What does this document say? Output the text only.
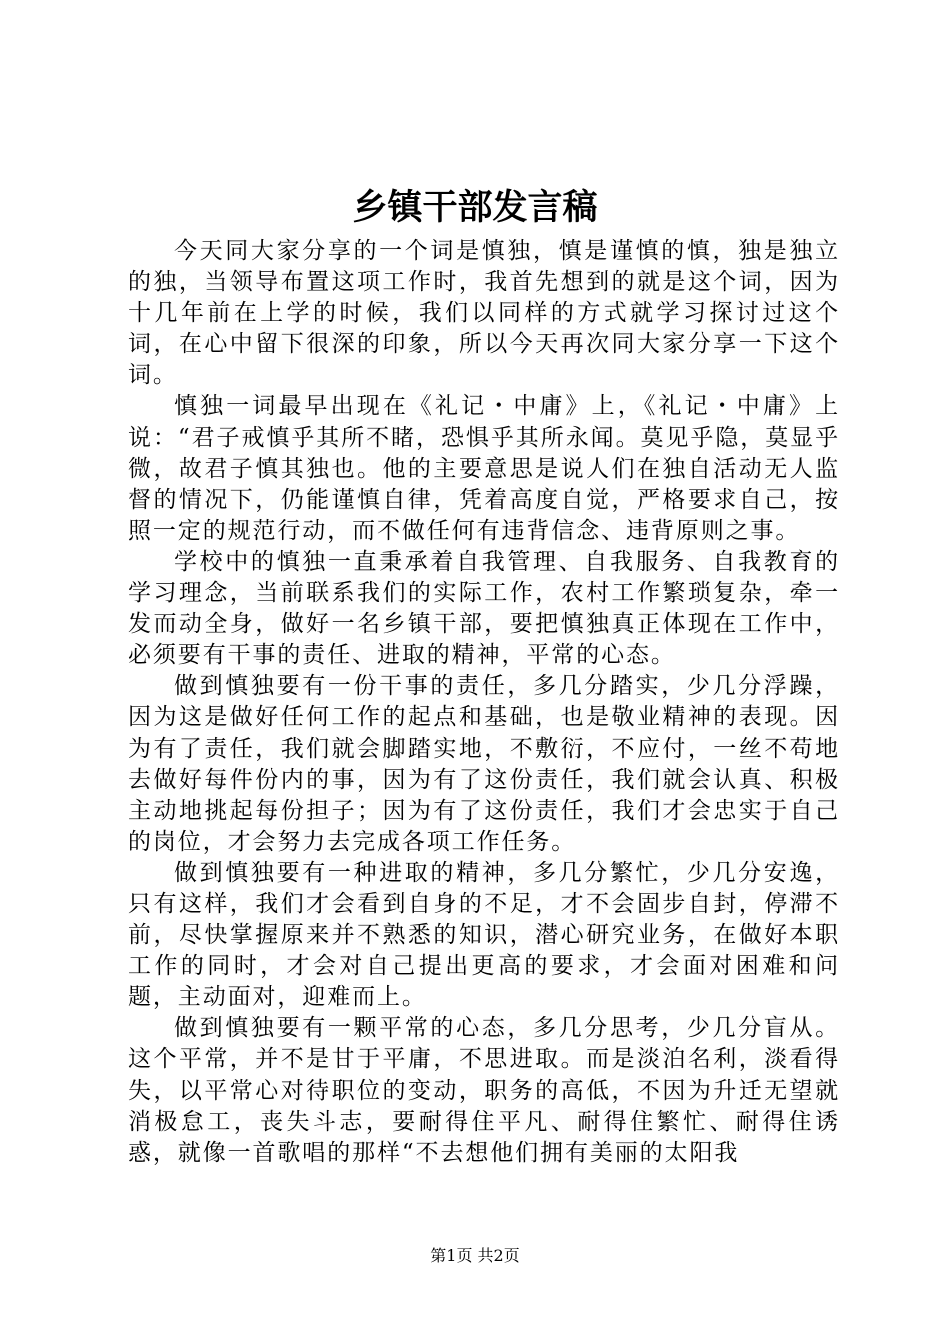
乡镇干部发言稿

今天同大家分享的一个词是慎独，慎是谨慎的慎，独是独立的独，当领导布置这项工作时，我首先想到的就是这个词，因为十几年前在上学的时候，我们以同样的方式就学习探讨过这个词，在心中留下很深的印象，所以今天再次同大家分享一下这个词。

慎独一词最早出现在《礼记・中庸》上，《礼记・中庸》上说：“君子戒慎乎其所不睹，恐惧乎其所永闻。莫见乎隐，莫显乎微，故君子慎其独也。他的主要意思是说人们在独自活动无人监督的情况下，仍能谨慎自律，凭着高度自觉，严格要求自己，按照一定的规范行动，而不做任何有违背信念、违背原则之事。

学校中的慎独一直秉承着自我管理、自我服务、自我教育的学习理念，当前联系我们的实际工作，农村工作繁琐复杂，牵一发而动全身，做好一名乡镇干部，要把慎独真正体现在工作中，必须要有干事的责任、进取的精神，平常的心态。

做到慎独要有一份干事的责任，多几分踏实，少几分浮躁，因为这是做好任何工作的起点和基础，也是敬业精神的表现。因为有了责任，我们就会脚踏实地，不敷衍，不应付，一丝不苟地去做好每件份内的事，因为有了这份责任，我们就会认真、积极主动地挑起每份担子；因为有了这份责任，我们才会忠实于自己的岗位，才会努力去完成各项工作任务。

做到慎独要有一种进取的精神，多几分繁忙，少几分安逸，只有这样，我们才会看到自身的不足，才不会固步自封，停滞不前，尽快掌握原来并不熟悉的知识，潜心研究业务，在做好本职工作的同时，才会对自己提出更高的要求，才会面对困难和问题，主动面对，迎难而上。

做到慎独要有一颗平常的心态，多几分思考，少几分盲从。这个平常，并不是甘于平庸，不思进取。而是淡泊名利，淡看得失，以平常心对待职位的变动，职务的高低，不因为升迁无望就消极怠工，丧失斗志，要耐得住平凡、耐得住繁忙、耐得住诱惑，就像一首歌唱的那样“不去想他们拥有美丽的太阳我

第1页 共2页
